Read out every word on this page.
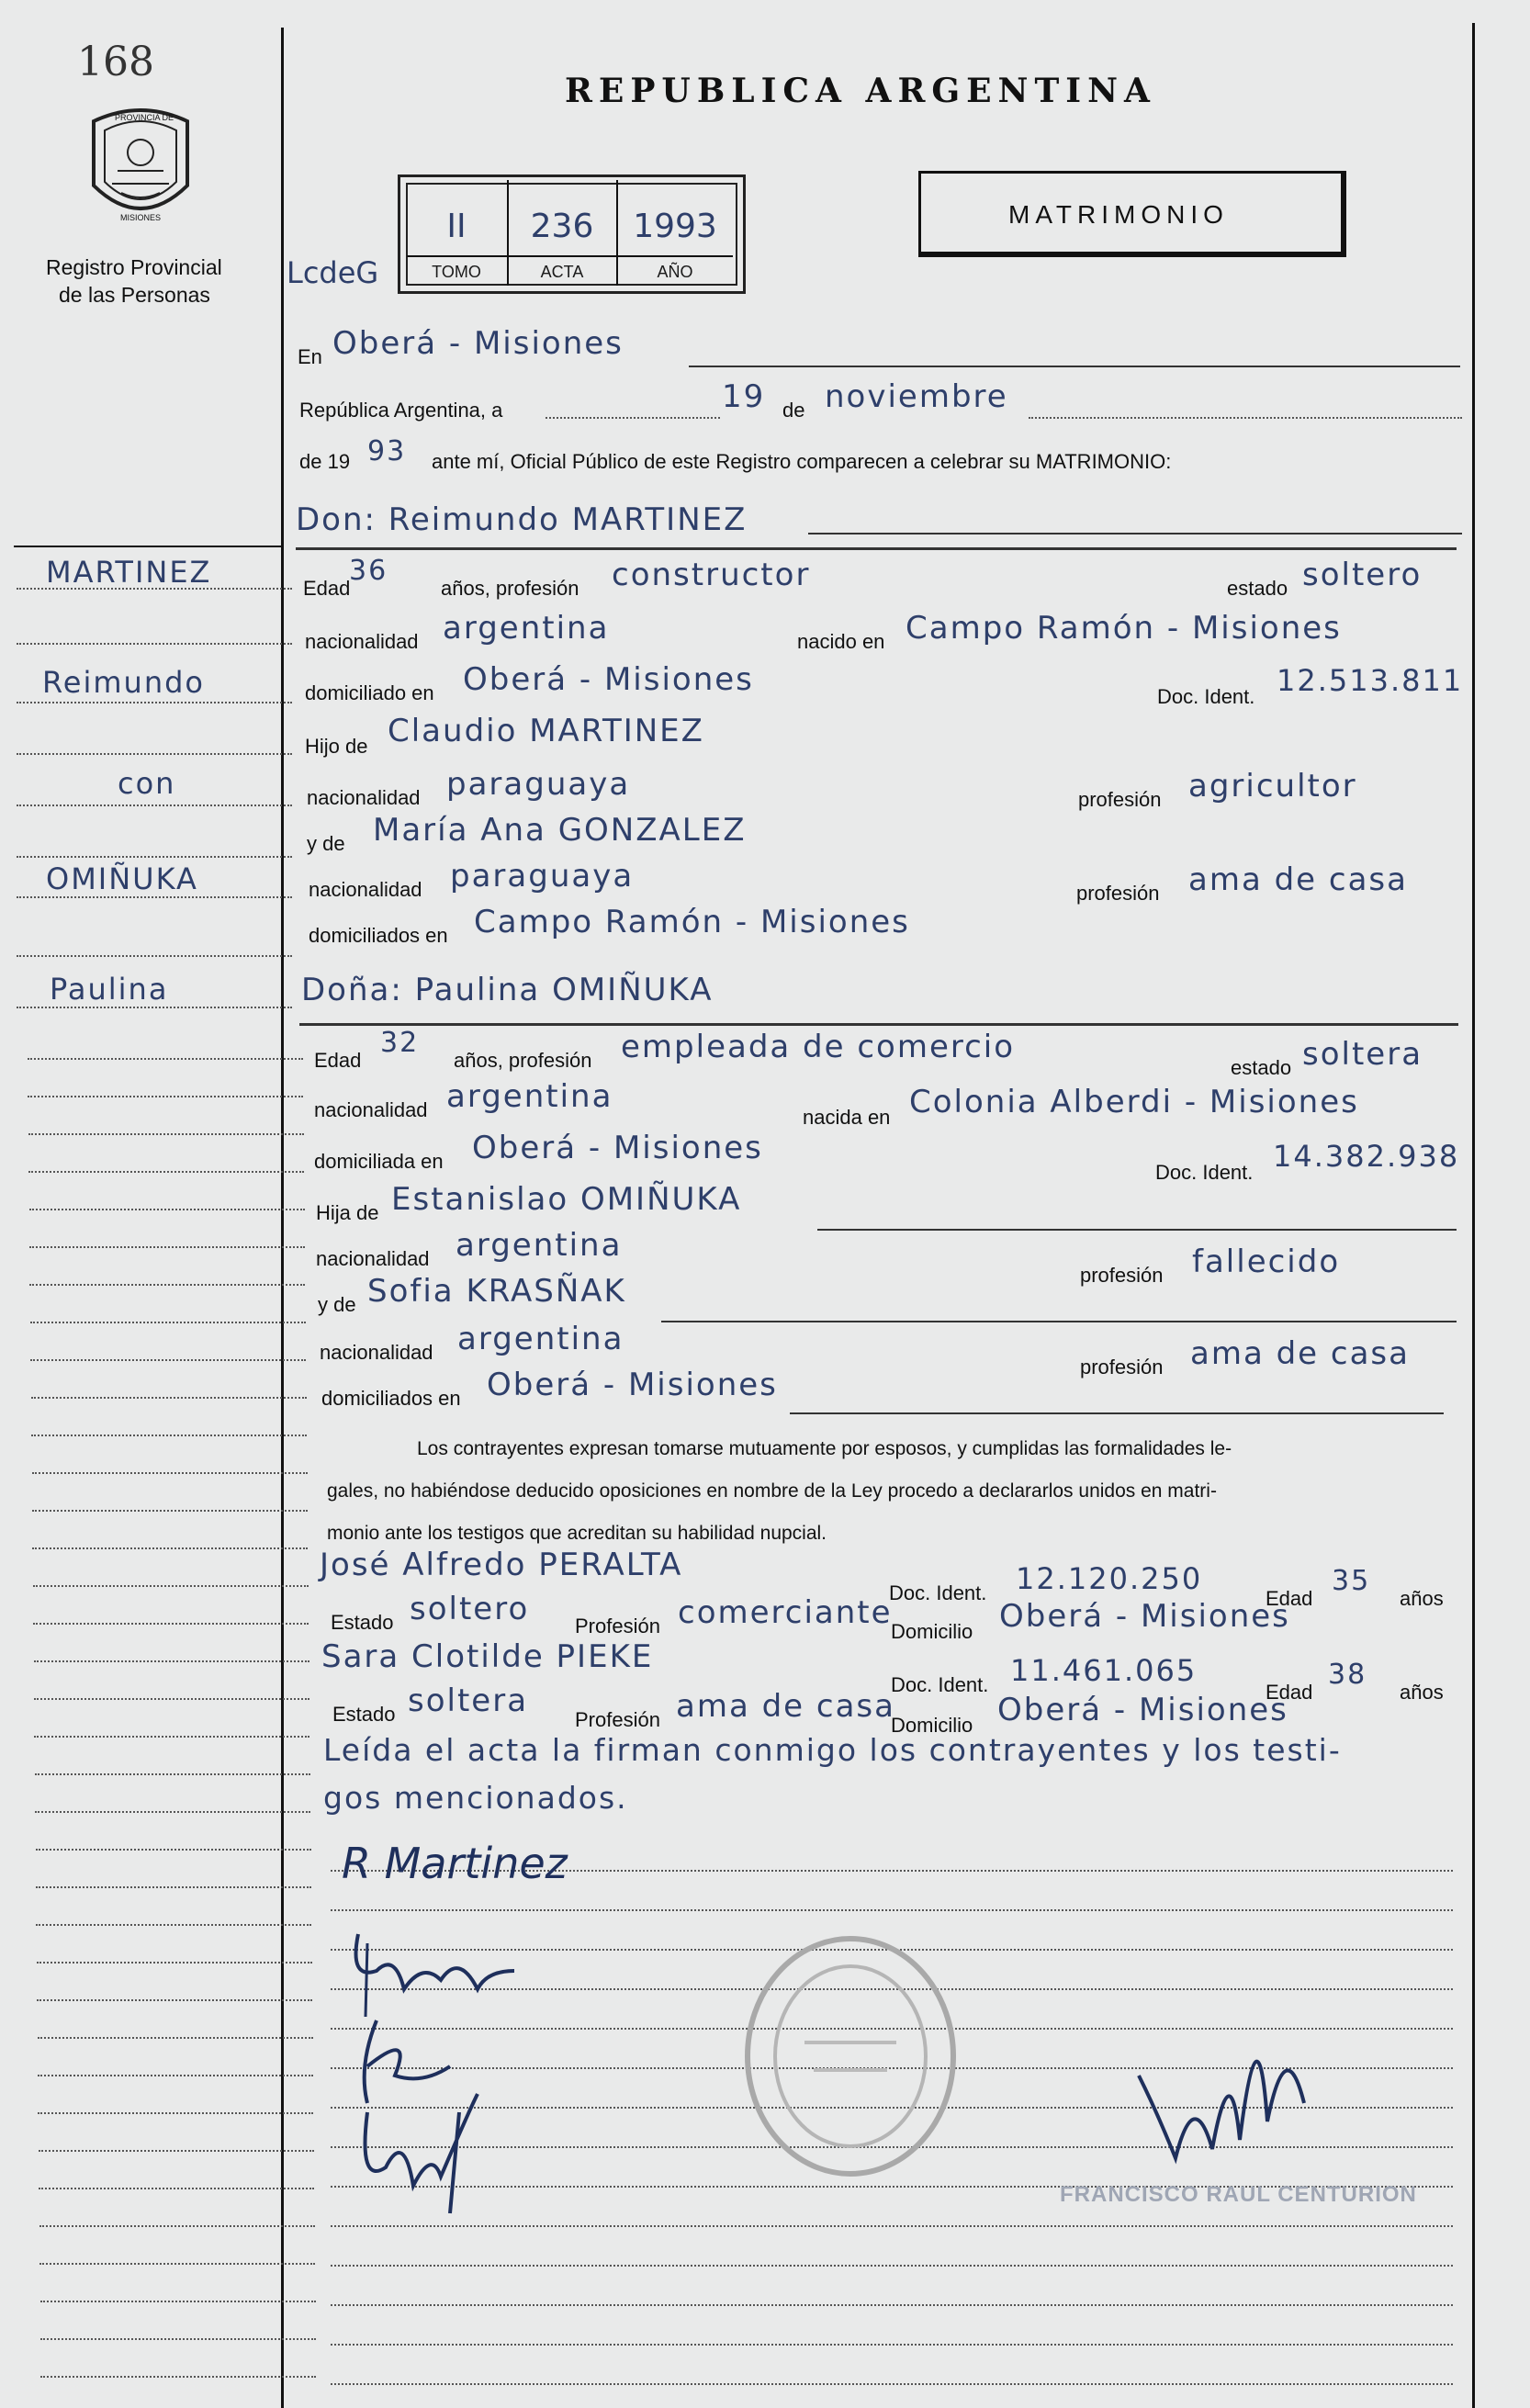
168
PROVINCIA DE
MISIONES
Registro Provincial
de las Personas
REPUBLICA ARGENTINA
II
TOMO
236
ACTA
1993
AÑO
LcdeG
MATRIMONIO
En Oberá - Misiones
República Argentina, a	19 de noviembre
de 19 93 ante mí, Oficial Público de este Registro comparecen a celebrar su MATRIMONIO:
MARTINEZ
Reimundo
con
OMIÑUKA
Paulina
Don: Reimundo MARTINEZ
Edad
36
años, profesión constructor	estado soltero
nacionalidad argentina	nacido en Campo Ramón - Misiones
domiciliado en Oberá - Misiones	Doc. Ident. 12.513.811
Hijo de Claudio MARTINEZ
nacionalidad paraguaya	profesión agricultor
y de María Ana GONZALEZ
nacionalidad paraguaya	profesión ama de casa
domiciliados en Campo Ramón - Misiones
Doña: Paulina OMIÑUKA
Edad
32
años, profesión empleada de comercio
estado soltera
nacionalidad argentina
nacida en Colonia Alberdi - Misiones
domiciliada en Oberá - Misiones
Doc. Ident. 14.382.938
Hija de Estanislao OMIÑUKA
nacionalidad argentina
profesión fallecido
y de Sofia KRASÑAK
nacionalidad argentina
profesión ama de casa
domiciliados en Oberá - Misiones
Los contrayentes expresan tomarse mutuamente por esposos, y cumplidas las formalidades le-
gales, no habiéndose deducido oposiciones en nombre de la Ley procedo a declararlos unidos en matri-
monio ante los testigos que acreditan su habilidad nupcial.
José Alfredo PERALTA
Doc. Ident. 12.120.250
Edad
35
años
Estado soltero Profesión comerciante
Domicilio Oberá - Misiones
Sara Clotilde PIEKE
Doc. Ident. 11.461.065
Edad
38
años
Estado soltera
Profesión ama de casa
Domicilio Oberá - Misiones
Leída el acta la firman conmigo los contrayentes y los testi-
gos mencionados.
R Martinez
FRANCISCO RAUL CENTURION
